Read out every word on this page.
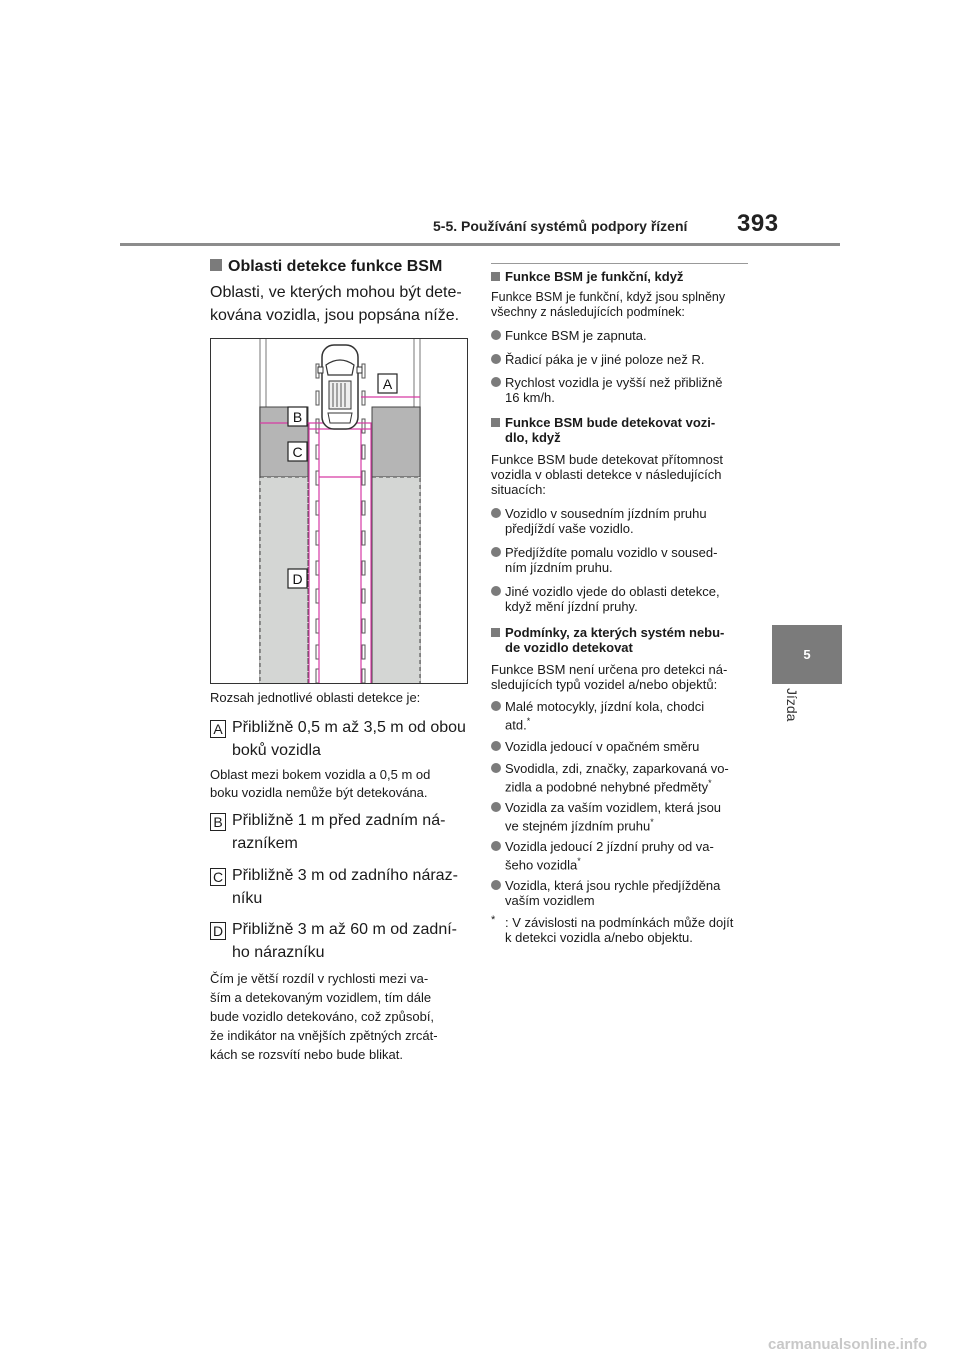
5-5. Používání systémů podpory řízení 393
5
Jízda
Oblasti detekce funkce BSM
Oblasti, ve kterých mohou být dete-kována vozidla, jsou popsána níže.
A
B
C
D
Rozsah jednotlivé oblasti detekce je:
A Přibližně 0,5 m až 3,5 m od obou
boků vozidla
Oblast mezi bokem vozidla a 0,5 m od
boku vozidla nemůže být detekována.
B Přibližně 1 m před zadním ná-
razníkem
C Přibližně 3 m od zadního náraz-
níku
D Přibližně 3 m až 60 m od zadní-
ho nárazníku
Čím je větší rozdíl v rychlosti mezi va-
ším a detekovaným vozidlem, tím dále
bude vozidlo detekováno, což způsobí,
že indikátor na vnějších zpětných zrcát-
kách se rozsvítí nebo bude blikat.
Funkce BSM je funkční, když
Funkce BSM je funkční, když jsou splněny
všechny z následujících podmínek:
Funkce BSM je zapnuta.
Řadicí páka je v jiné poloze než R.
Rychlost vozidla je vyšší než přibližně
16 km/h.
Funkce BSM bude detekovat vozi-
dlo, když
Funkce BSM bude detekovat přítomnost
vozidla v oblasti detekce v následujících
situacích:
Vozidlo v sousedním jízdním pruhu
předjíždí vaše vozidlo.
Předjíždíte pomalu vozidlo v soused-
ním jízdním pruhu.
Jiné vozidlo vjede do oblasti detekce,
když mění jízdní pruhy.
Podmínky, za kterých systém nebu-
de vozidlo detekovat
Funkce BSM není určena pro detekci ná-
sledujících typů vozidel a/nebo objektů:
Malé motocykly, jízdní kola, chodci
atd.*
Vozidla jedoucí v opačném směru
Svodidla, zdi, značky, zaparkovaná vo-
zidla a podobné nehybné předměty*
Vozidla za vaším vozidlem, která jsou
ve stejném jízdním pruhu*
Vozidla jedoucí 2 jízdní pruhy od va-
šeho vozidla*
Vozidla, která jsou rychle předjížděna
vaším vozidlem
* : V závislosti na podmínkách může dojít
k detekci vozidla a/nebo objektu.
carmanualsonline.info
